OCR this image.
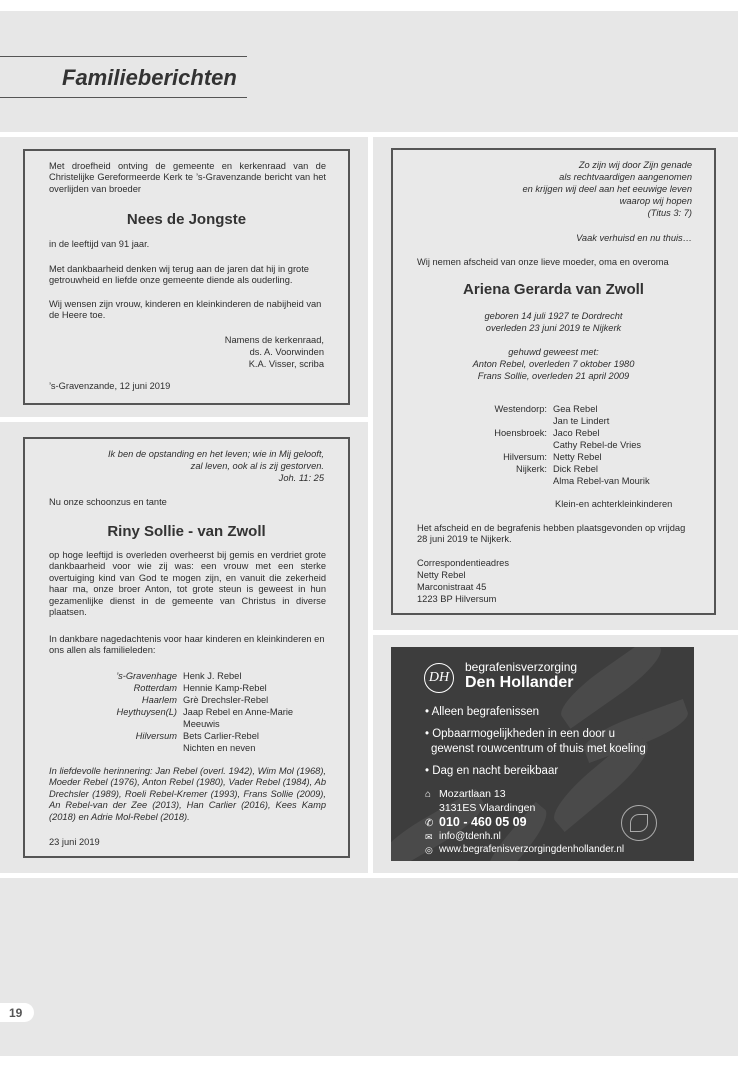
Familieberichten
Met droefheid ontving de gemeente en kerkenraad van de Christelijke Gereformeerde Kerk te ’s-Gravenzande bericht van het overlijden van broeder
Nees de Jongste
in de leeftijd van 91 jaar.
Met dankbaarheid denken wij terug aan de jaren dat hij in grote getrouwheid en liefde onze gemeente diende als ouderling.
Wij wensen zijn vrouw, kinderen en kleinkinderen de nabijheid van de Heere toe.
Namens de kerkenraad,
ds. A. Voorwinden
K.A. Visser, scriba
’s-Gravenzande, 12 juni 2019
Ik ben de opstanding en het leven; wie in Mij gelooft,
zal leven, ook al is zij gestorven.
Joh. 11: 25
Nu onze schoonzus en tante
Riny Sollie - van Zwoll
op hoge leeftijd is overleden overheerst bij gemis en verdriet grote dankbaarheid voor wie zij was: een vrouw met een sterke overtuiging kind van God te mogen zijn, en vanuit die zekerheid haar ma, onze broer Anton, tot grote steun is geweest in hun gezamenlijke dienst in de gemeente van Christus in diverse plaatsen.
In dankbare nagedachtenis voor haar kinderen en kleinkinderen en ons allen als familieleden:
’s-Gravenhage Henk J. Rebel
Rotterdam Hennie Kamp-Rebel
Haarlem Grè Drechsler-Rebel
Heythuysen(L) Jaap Rebel en Anne-Marie
Meeuwis
Hilversum Bets Carlier-Rebel
Nichten en neven
In liefdevolle herinnering: Jan Rebel (overl. 1942), Wim Mol (1968), Moeder Rebel (1976), Anton Rebel (1980), Vader Rebel (1984), Ab Drechsler (1989), Roeli Rebel-Kremer (1993), Frans Sollie (2009), An Rebel-van der Zee (2013), Han Carlier (2016), Kees Kamp (2018) en Adrie Mol-Rebel (2018).
23 juni 2019
Zo zijn wij door Zijn genade
als rechtvaardigen aangenomen
en krijgen wij deel aan het eeuwige leven
waarop wij hopen
(Titus 3: 7)
Vaak verhuisd en nu thuis…
Wij nemen afscheid van onze lieve moeder, oma en overoma
Ariena Gerarda van Zwoll
geboren 14 juli 1927 te Dordrecht
overleden 23 juni 2019 te Nijkerk
gehuwd geweest met:
Anton Rebel, overleden 7 oktober 1980
Frans Sollie, overleden 21 april 2009
Westendorp: Gea Rebel
Jan te Lindert
Hoensbroek: Jaco Rebel
Cathy Rebel-de Vries
Hilversum: Netty Rebel
Nijkerk: Dick Rebel
Alma Rebel-van Mourik
Klein-en achterkleinkinderen
Het afscheid en de begrafenis hebben plaatsgevonden op vrijdag 28 juni 2019 te Nijkerk.
Correspondentieadres
Netty Rebel
Marconistraat 45
1223 BP Hilversum
DH
begrafenisverzorging
Den Hollander
• Alleen begrafenissen
• Opbaarmogelijkheden in een door u
gewenst rouwcentrum of thuis met koeling
• Dag en nacht bereikbaar
⌂ Mozartlaan 13
3131ES Vlaardingen
✆ 010 - 460 05 09
✉ info@tdenh.nl
◎ www.begrafenisverzorgingdenhollander.nl
19
